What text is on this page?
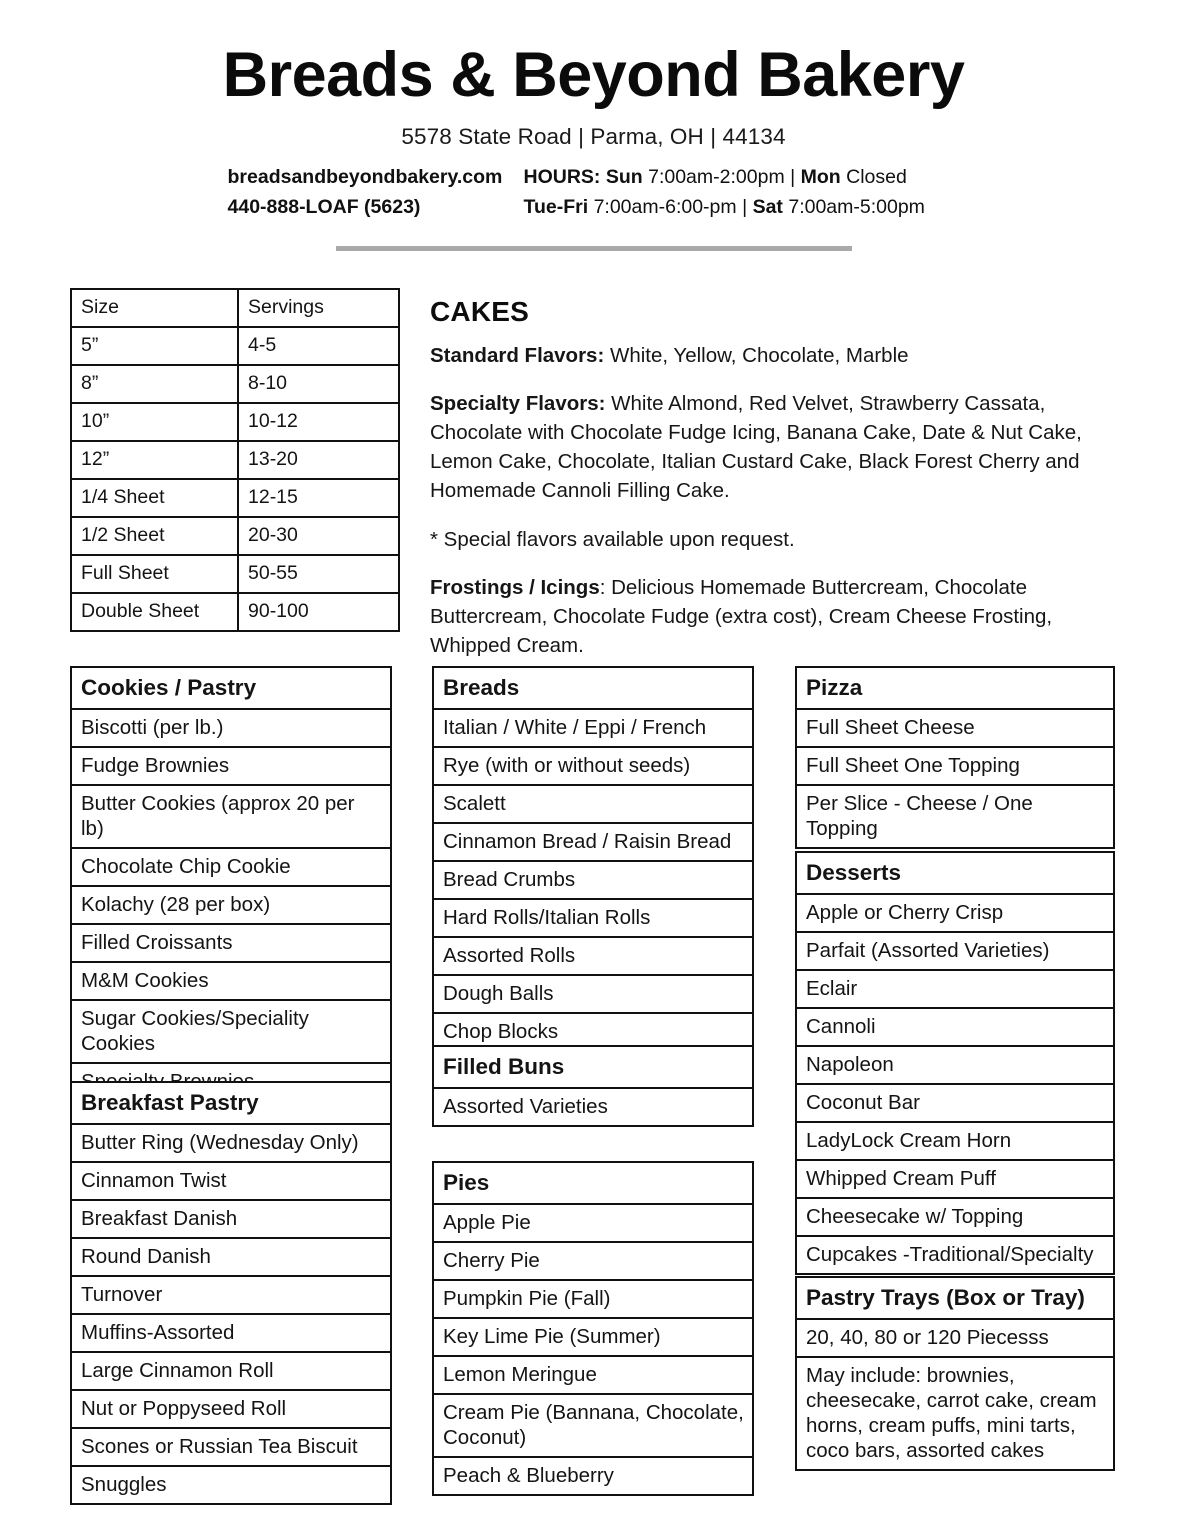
Breads & Beyond Bakery
5578 State Road | Parma, OH | 44134
breadsandbeyondbakery.com
440-888-LOAF (5623)
HOURS: Sun 7:00am-2:00pm | Mon Closed
Tue-Fri 7:00am-6:00-pm | Sat 7:00am-5:00pm
Size	Servings
5”	4-5
8”	8-10
10”	10-12
12”	13-20
1/4 Sheet	12-15
1/2 Sheet	20-30
Full Sheet	50-55
Double Sheet	90-100
CAKES

Standard Flavors: White, Yellow, Chocolate, Marble

Specialty Flavors: White Almond, Red Velvet, Strawberry Cassata, Chocolate with Chocolate Fudge Icing, Banana Cake, Date & Nut Cake, Lemon Cake, Chocolate, Italian Custard Cake, Black Forest Cherry and Homemade Cannoli Filling Cake.

* Special flavors available upon request.

Frostings / Icings: Delicious Homemade Buttercream, Chocolate Buttercream, Chocolate Fudge (extra cost), Cream Cheese Frosting, Whipped Cream.

Cookies / Pastry
Biscotti (per lb.)
Fudge Brownies
Butter Cookies (approx 20 per lb)
Chocolate Chip Cookie
Kolachy (28 per box)
Filled Croissants
M&M Cookies
Sugar Cookies/Speciality Cookies
Breakfast Pastry
Butter Ring (Wednesday Only)
Cinnamon Twist
Breakfast Danish
Round Danish
Turnover
Muffins-Assorted
Large Cinnamon Roll
Nut or Poppyseed Roll
Scones or Russian Tea Biscuit
Snuggles
Breads
Italian / White / Eppi / French
Rye (with or without seeds)
Scalett
Cinnamon Bread / Raisin Bread
Bread Crumbs
Hard Rolls/Italian Rolls
Assorted Rolls
Dough Balls
Chop Blocks
Filled Buns
Assorted Varieties
Pies
Apple Pie
Cherry Pie
Pumpkin Pie (Fall)
Key Lime Pie (Summer)
Lemon Meringue
Cream Pie (Bannana, Chocolate, Coconut)
Peach & Blueberry
Pizza
Full Sheet Cheese
Full Sheet One Topping
Per Slice - Cheese / One Topping
Desserts
Apple or Cherry Crisp
Parfait (Assorted Varieties)
Eclair
Cannoli
Napoleon
Coconut Bar
LadyLock Cream Horn
Whipped Cream Puff
Cheesecake w/ Topping
Cupcakes -Traditional/Specialty
Pastry Trays (Box or Tray)
20, 40, 80 or 120 Piecesss
May include: brownies, cheesecake, carrot cake, cream horns, cream puffs, mini tarts, coco bars, assorted cakes
